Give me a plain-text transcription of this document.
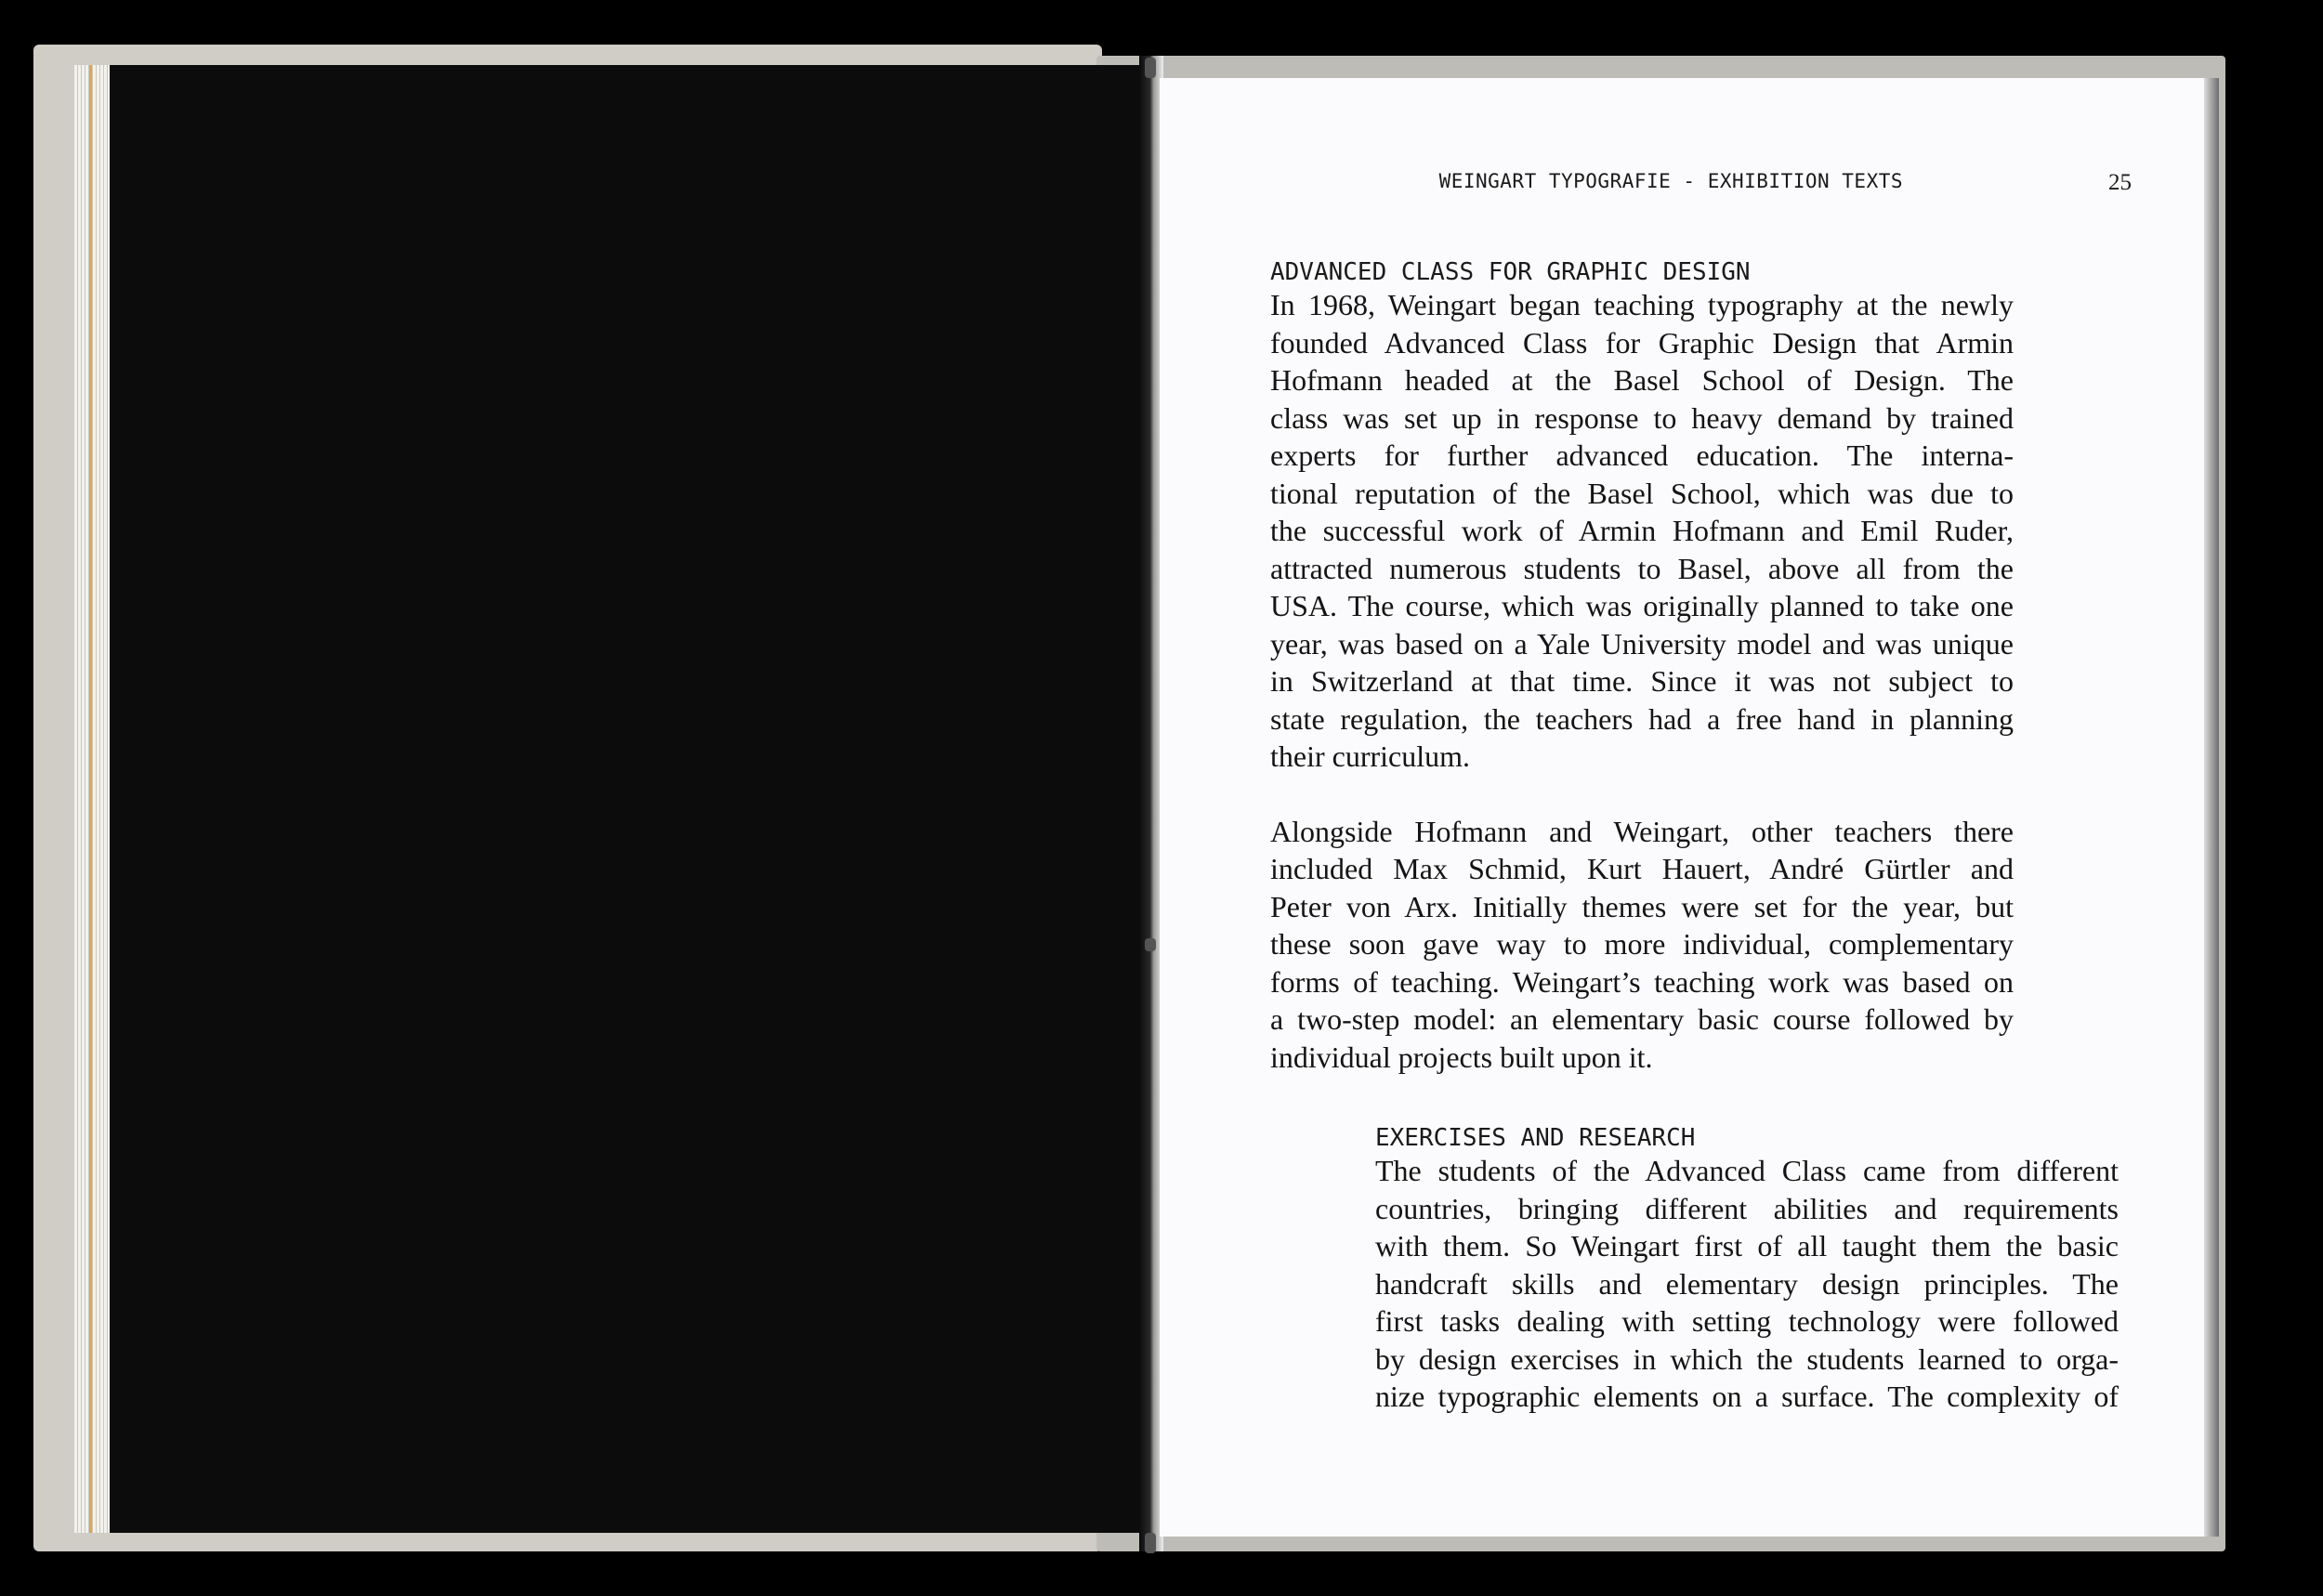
WEINGART TYPOGRAFIE - EXHIBITION TEXTS	25
ADVANCED CLASS FOR GRAPHIC DESIGN
In 1968, Weingart began teaching typography at the newly
founded Advanced Class for Graphic Design that Armin
Hofmann headed at the Basel School of Design. The
class was set up in response to heavy demand by trained
experts for further advanced education. The interna-
tional reputation of the Basel School, which was due to
the successful work of Armin Hofmann and Emil Ruder,
attracted numerous students to Basel, above all from the
USA. The course, which was originally planned to take one
year, was based on a Yale University model and was unique
in Switzerland at that time. Since it was not subject to
state regulation, the teachers had a free hand in planning
their curriculum.
Alongside Hofmann and Weingart, other teachers there
included Max Schmid, Kurt Hauert, André Gürtler and
Peter von Arx. Initially themes were set for the year, but
these soon gave way to more individual, complementary
forms of teaching. Weingart’s teaching work was based on
a two-step model: an elementary basic course followed by
individual projects built upon it.
EXERCISES AND RESEARCH
The students of the Advanced Class came from different
countries, bringing different abilities and requirements
with them. So Weingart first of all taught them the basic
handcraft skills and elementary design principles. The
first tasks dealing with setting technology were followed
by design exercises in which the students learned to orga-
nize typographic elements on a surface. The complexity of
